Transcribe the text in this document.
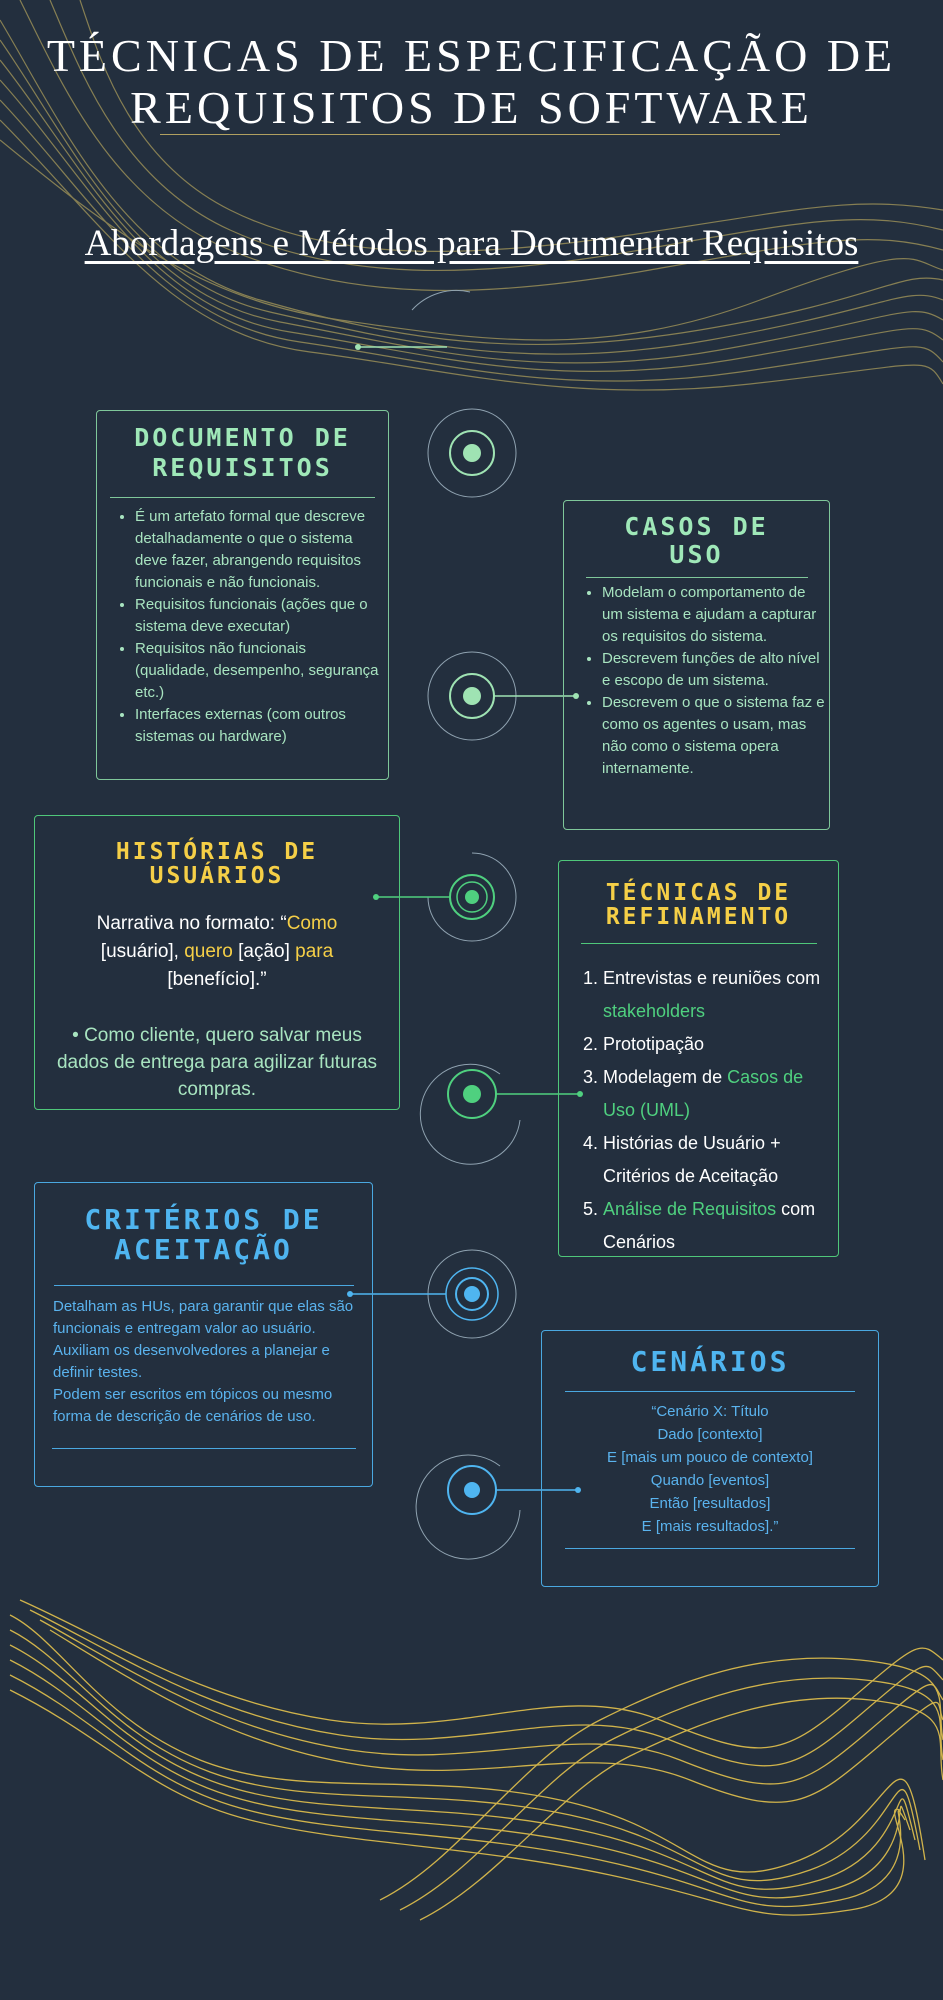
TÉCNICAS DE ESPECIFICAÇÃO DE
REQUISITOS DE SOFTWARE
Abordagens e Métodos para Documentar Requisitos
DOCUMENTO DE
REQUISITOS
• É um artefato formal que descreve detalhadamente o que o sistema deve fazer, abrangendo requisitos funcionais e não funcionais.
• Requisitos funcionais (ações que o sistema deve executar)
• Requisitos não funcionais (qualidade, desempenho, segurança etc.)
• Interfaces externas (com outros sistemas ou hardware)
CASOS DE
USO
• Modelam o comportamento de um sistema e ajudam a capturar os requisitos do sistema.
• Descrevem funções de alto nível e escopo de um sistema.
• Descrevem o que o sistema faz e como os agentes o usam, mas não como o sistema opera internamente.
HISTÓRIAS DE
USUÁRIOS

Narrativa no formato: “Como [usuário], quero [ação] para [benefício].”

• Como cliente, quero salvar meus dados de entrega para agilizar futuras compras.

TÉCNICAS DE
REFINAMENTO
1. Entrevistas e reuniões com stakeholders
2. Prototipação
3. Modelagem de Casos de Uso (UML)
4. Histórias de Usuário + Critérios de Aceitação
5. Análise de Requisitos com Cenários
CRITÉRIOS DE
ACEITAÇÃO
Detalham as HUs, para garantir que elas são funcionais e entregam valor ao usuário.
Auxiliam os desenvolvedores a planejar e definir testes.
Podem ser escritos em tópicos ou mesmo forma de descrição de cenários de uso.
CENÁRIOS
“Cenário X: Título
Dado [contexto]
E [mais um pouco de contexto]
Quando [eventos]
Então [resultados]
E [mais resultados].”
